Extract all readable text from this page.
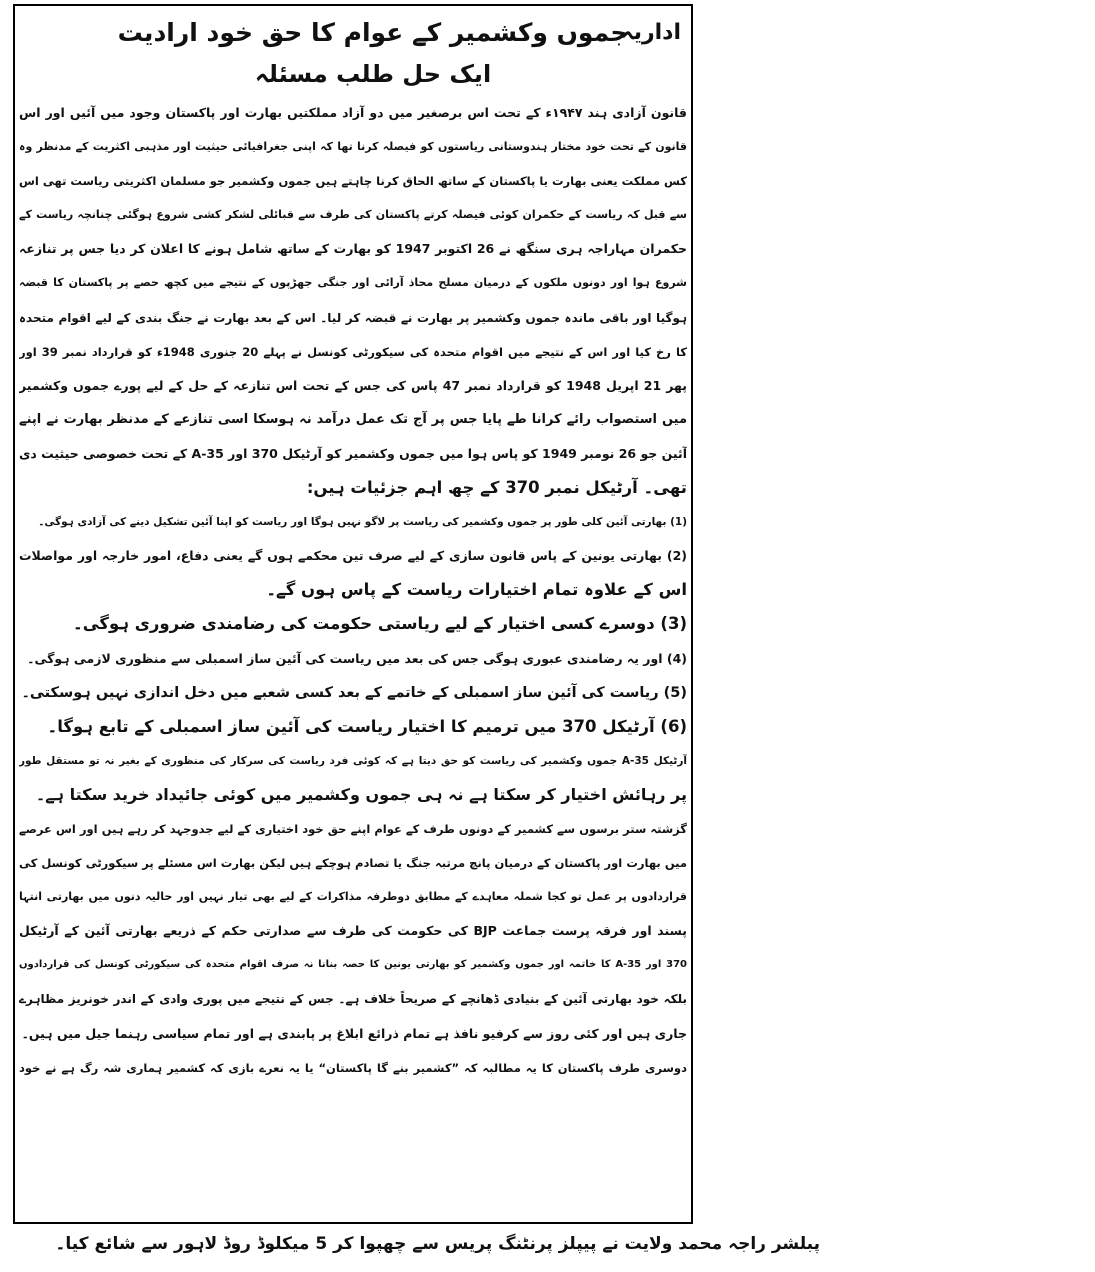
اداریہ

جموں وکشمیر کے عوام کا حق خود ارادیت
ایک حل طلب مسئلہ
قانون آزادی ہند ۱۹۴۷ء کے تحت اس برصغیر میں دو آزاد مملکتیں بھارت اور پاکستان وجود میں آئیں اور اس
قانون کے تحت خود مختار ہندوستانی ریاستوں کو فیصلہ کرنا تھا کہ اپنی جغرافیائی حیثیت اور مذہبی اکثریت کے مدنظر وہ
کس مملکت یعنی بھارت یا پاکستان کے ساتھ الحاق کرنا چاہتے ہیں جموں وکشمیر جو مسلمان اکثریتی ریاست تھی اس
سے قبل کہ ریاست کے حکمران کوئی فیصلہ کرتے پاکستان کی طرف سے قبائلی لشکر کشی شروع ہوگئی چنانچہ ریاست کے
حکمران مہاراجہ ہری سنگھ نے 26 اکتوبر 1947 کو بھارت کے ساتھ شامل ہونے کا اعلان کر دیا جس پر تنازعہ
شروع ہوا اور دونوں ملکوں کے درمیان مسلح محاذ آرائی اور جنگی جھڑپوں کے نتیجے میں کچھ حصے پر پاکستان کا قبضہ
ہوگیا اور باقی ماندہ جموں وکشمیر پر بھارت نے قبضہ کر لیا۔ اس کے بعد بھارت نے جنگ بندی کے لیے اقوام متحدہ
کا رخ کیا اور اس کے نتیجے میں اقوام متحدہ کی سیکورٹی کونسل نے پہلے 20 جنوری 1948ء کو قرارداد نمبر 39 اور
پھر 21 اپریل 1948 کو قرارداد نمبر 47 پاس کی جس کے تحت اس تنازعہ کے حل کے لیے پورے جموں وکشمیر
میں استصواب رائے کرانا طے پایا جس پر آج تک عمل درآمد نہ ہوسکا اسی تنازعے کے مدنظر بھارت نے اپنے
آئین جو 26 نومبر 1949 کو پاس ہوا میں جموں وکشمیر کو آرٹیکل 370 اور A-35 کے تحت خصوصی حیثیت دی
تھی۔ آرٹیکل نمبر 370 کے چھ اہم جزئیات ہیں:
(1) بھارتی آئین کلی طور پر جموں وکشمیر کی ریاست پر لاگو نہیں ہوگا اور ریاست کو اپنا آئین تشکیل دینے کی آزادی ہوگی۔
(2) بھارتی یونین کے پاس قانون سازی کے لیے صرف تین محکمے ہوں گے یعنی دفاع، امور خارجہ اور مواصلات
اس کے علاوہ تمام اختیارات ریاست کے پاس ہوں گے۔
(3) دوسرے کسی اختیار کے لیے ریاستی حکومت کی رضامندی ضروری ہوگی۔
(4) اور یہ رضامندی عبوری ہوگی جس کی بعد میں ریاست کی آئین ساز اسمبلی سے منظوری لازمی ہوگی۔
(5) ریاست کی آئین ساز اسمبلی کے خاتمے کے بعد کسی شعبے میں دخل اندازی نہیں ہوسکتی۔
(6) آرٹیکل 370 میں ترمیم کا اختیار ریاست کی آئین ساز اسمبلی کے تابع ہوگا۔
آرٹیکل A-35 جموں وکشمیر کی ریاست کو حق دیتا ہے کہ کوئی فرد ریاست کی سرکار کی منظوری کے بغیر نہ تو مستقل طور
پر رہائش اختیار کر سکتا ہے نہ ہی جموں وکشمیر میں کوئی جائیداد خرید سکتا ہے۔
گزشتہ ستر برسوں سے کشمیر کے دونوں طرف کے عوام اپنے حق خود اختیاری کے لیے جدوجہد کر رہے ہیں اور اس عرصے
میں بھارت اور پاکستان کے درمیان پانچ مرتبہ جنگ یا تصادم ہوچکے ہیں لیکن بھارت اس مسئلے پر سیکورٹی کونسل کی
قراردادوں پر عمل تو کجا شملہ معاہدے کے مطابق دوطرفہ مذاکرات کے لیے بھی تیار نہیں اور حالیہ دنوں میں بھارتی انتہا
پسند اور فرقہ پرست جماعت BJP کی حکومت کی طرف سے صدارتی حکم کے ذریعے بھارتی آئین کے آرٹیکل
370 اور A-35 کا خاتمہ اور جموں وکشمیر کو بھارتی یونین کا حصہ بنانا نہ صرف اقوام متحدہ کی سیکورٹی کونسل کی قراردادوں
بلکہ خود بھارتی آئین کے بنیادی ڈھانچے کے صریحاً خلاف ہے۔ جس کے نتیجے میں پوری وادی کے اندر خونریز مظاہرے
جاری ہیں اور کئی روز سے کرفیو نافذ ہے تمام ذرائع ابلاغ پر پابندی ہے اور تمام سیاسی رہنما جیل میں ہیں۔
دوسری طرف پاکستان کا یہ مطالبہ کہ ”کشمیر بنے گا پاکستان“ یا یہ نعرے بازی کہ کشمیر ہماری شہ رگ ہے نے خود

پبلشر راجہ محمد ولایت نے پیپلز پرنٹنگ پریس سے چھپوا کر 5 میکلوڈ روڈ لاہور سے شائع کیا۔
